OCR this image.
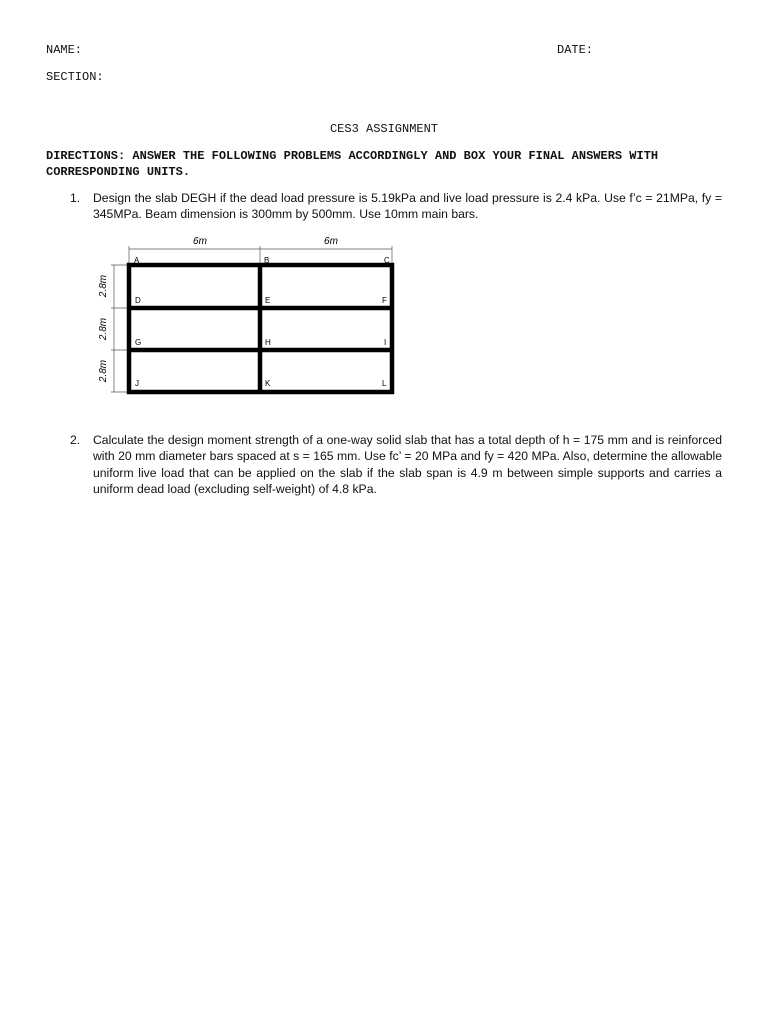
NAME:	DATE:
SECTION:
CES3 ASSIGNMENT
DIRECTIONS: ANSWER THE FOLLOWING PROBLEMS ACCORDINGLY AND BOX YOUR FINAL ANSWERS WITH CORRESPONDING UNITS.
1. Design the slab DEGH if the dead load pressure is 5.19kPa and live load pressure is 2.4 kPa. Use f’c = 21MPa, fy = 345MPa. Beam dimension is 300mm by 500mm. Use 10mm main bars.
6m	6m
2.8m
2.8m
2.8m
A	B	C
D	E	F
G	H	I
J	K	L
2. Calculate the design moment strength of a one-way solid slab that has a total depth of h = 175 mm and is reinforced with 20 mm diameter bars spaced at s = 165 mm. Use fc’ = 20 MPa and fy = 420 MPa. Also, determine the allowable uniform live load that can be applied on the slab if the slab span is 4.9 m between simple supports and carries a uniform dead load (excluding self-weight) of 4.8 kPa.
